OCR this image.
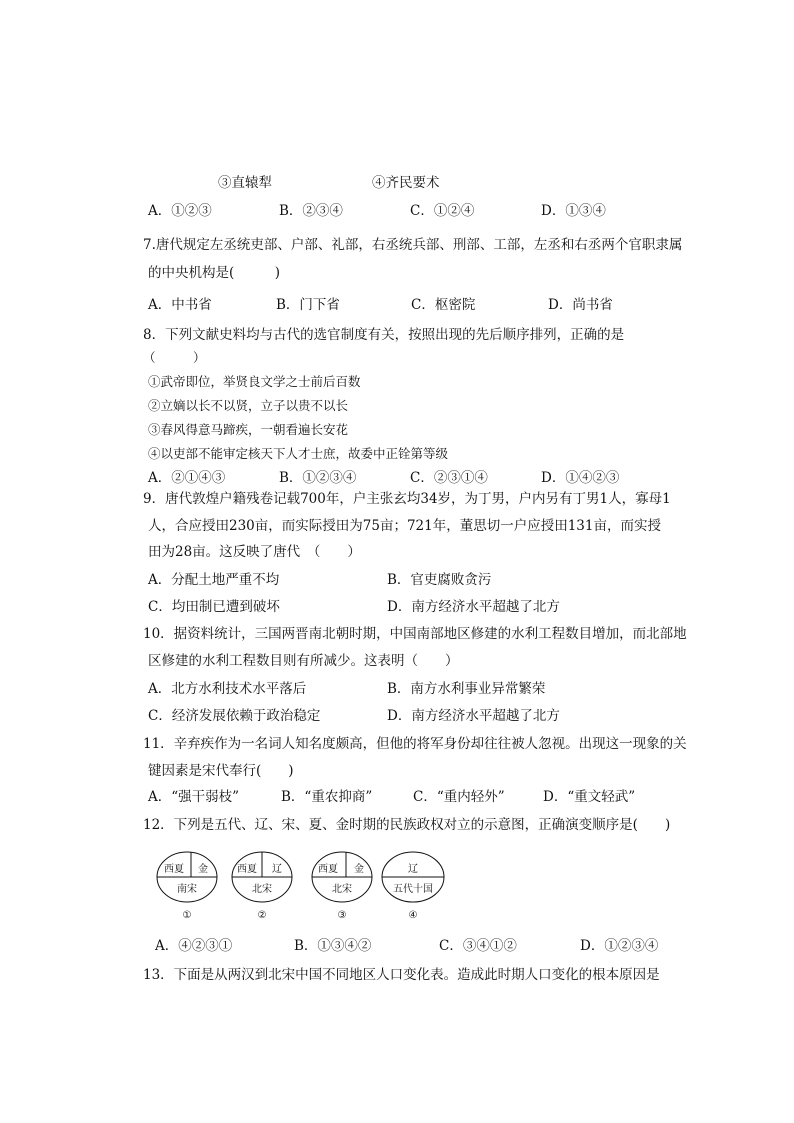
③直辕犁	④齐民要术
A．①②③	B．②③④	C．①②④	D．①③④
7.唐代规定左丞统吏部、户部、礼部，右丞统兵部、刑部、工部，左丞和右丞两个官职隶属
的中央机构是(　　　)
A．中书省	B．门下省	C．枢密院	D．尚书省
8．下列文献史料均与古代的选官制度有关，按照出现的先后顺序排列，正确的是
（　　　）
①武帝即位，举贤良文学之士前后百数
②立嫡以长不以贤，立子以贵不以长
③春风得意马蹄疾，一朝看遍长安花
④以吏部不能审定核天下人才士庶，故委中正铨第等级
A．②①④③	B．①②③④	C．②③①④	D．①④②③
9．唐代敦煌户籍残卷记载700年，户主张玄均34岁，为丁男，户内另有丁男1人，寡母1
人，合应授田230亩，而实际授田为75亩；721年，董思切一户应授田131亩，而实授
田为28亩。这反映了唐代　（　　）
A．分配土地严重不均	B．官吏腐败贪污
C．均田制已遭到破坏	D．南方经济水平超越了北方
10．据资料统计，三国两晋南北朝时期，中国南部地区修建的水利工程数目增加，而北部地
区修建的水利工程数目则有所减少。这表明（　　）
A．北方水利技术水平落后	B．南方水利事业异常繁荣
C．经济发展依赖于政治稳定	D．南方经济水平超越了北方
11．辛弃疾作为一名词人知名度颇高，但他的将军身份却往往被人忽视。出现这一现象的关
键因素是宋代奉行(　　)
A．“强干弱枝”	B．“重农抑商”	C．“重内轻外”	D．“重文轻武”
12．下列是五代、辽、宋、夏、金时期的民族政权对立的示意图，正确演变顺序是(　　)
西夏 金
南宋
①
西夏 辽
北宋
②
西夏 金
北宋
③
辽
五代十国
④
A．④②③①	B．①③④②	C．③④①②	D．①②③④
13．下面是从两汉到北宋中国不同地区人口变化表。造成此时期人口变化的根本原因是
